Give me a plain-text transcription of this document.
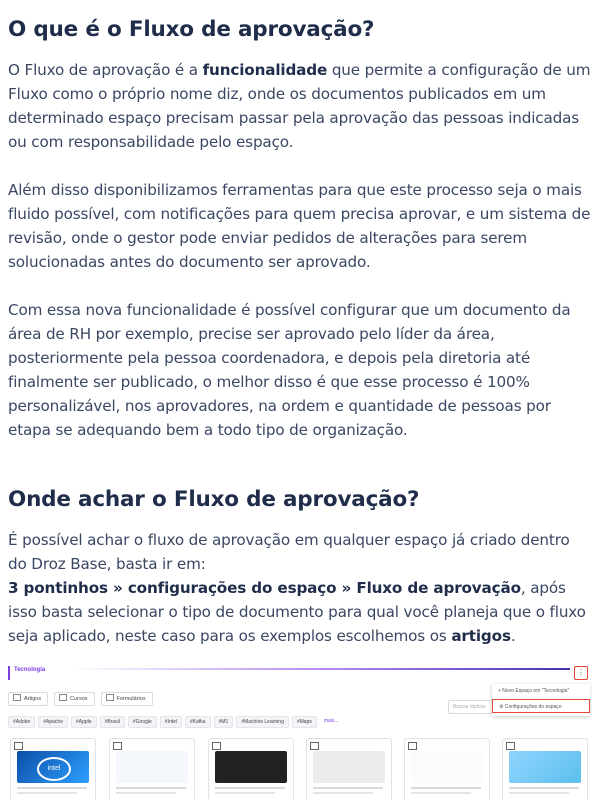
O que é o Fluxo de aprovação?

O Fluxo de aprovação é a funcionalidade que permite a configuração de um Fluxo como o próprio nome diz, onde os documentos publicados em um determinado espaço precisam passar pela aprovação das pessoas indicadas ou com responsabilidade pelo espaço.

Além disso disponibilizamos ferramentas para que este processo seja o mais fluido possível, com notificações para quem precisa aprovar, e um sistema de revisão, onde o gestor pode enviar pedidos de alterações para serem solucionadas antes do documento ser aprovado.

Com essa nova funcionalidade é possível configurar que um documento da área de RH por exemplo, precise ser aprovado pelo líder da área, posteriormente pela pessoa coordenadora, e depois pela diretoria até finalmente ser publicado, o melhor disso é que esse processo é 100% personalizável, nos aprovadores, na ordem e quantidade de pessoas por etapa se adequando bem a todo tipo de organização.

Onde achar o Fluxo de aprovação?

É possível achar o fluxo de aprovação em qualquer espaço já criado dentro do Droz Base, basta ir em:

3 pontinhos » configurações do espaço » Fluxo de aprovação, após isso basta selecionar o tipo de documento para qual você planeja que o fluxo seja aplicado, neste caso para os exemplos escolhemos os artigos.

Tecnologia	⋮
Artigos	Cursos	Formulários
Buscar tópicos
+ Novo Espaço em "Tecnologia"
⚙ Configurações do espaço
#Adobe	#Apache	#Apple	#Brasil	#Google	#Intel	#Kafka	#M1	#Machine Learning	#Maps	mais...
intel
